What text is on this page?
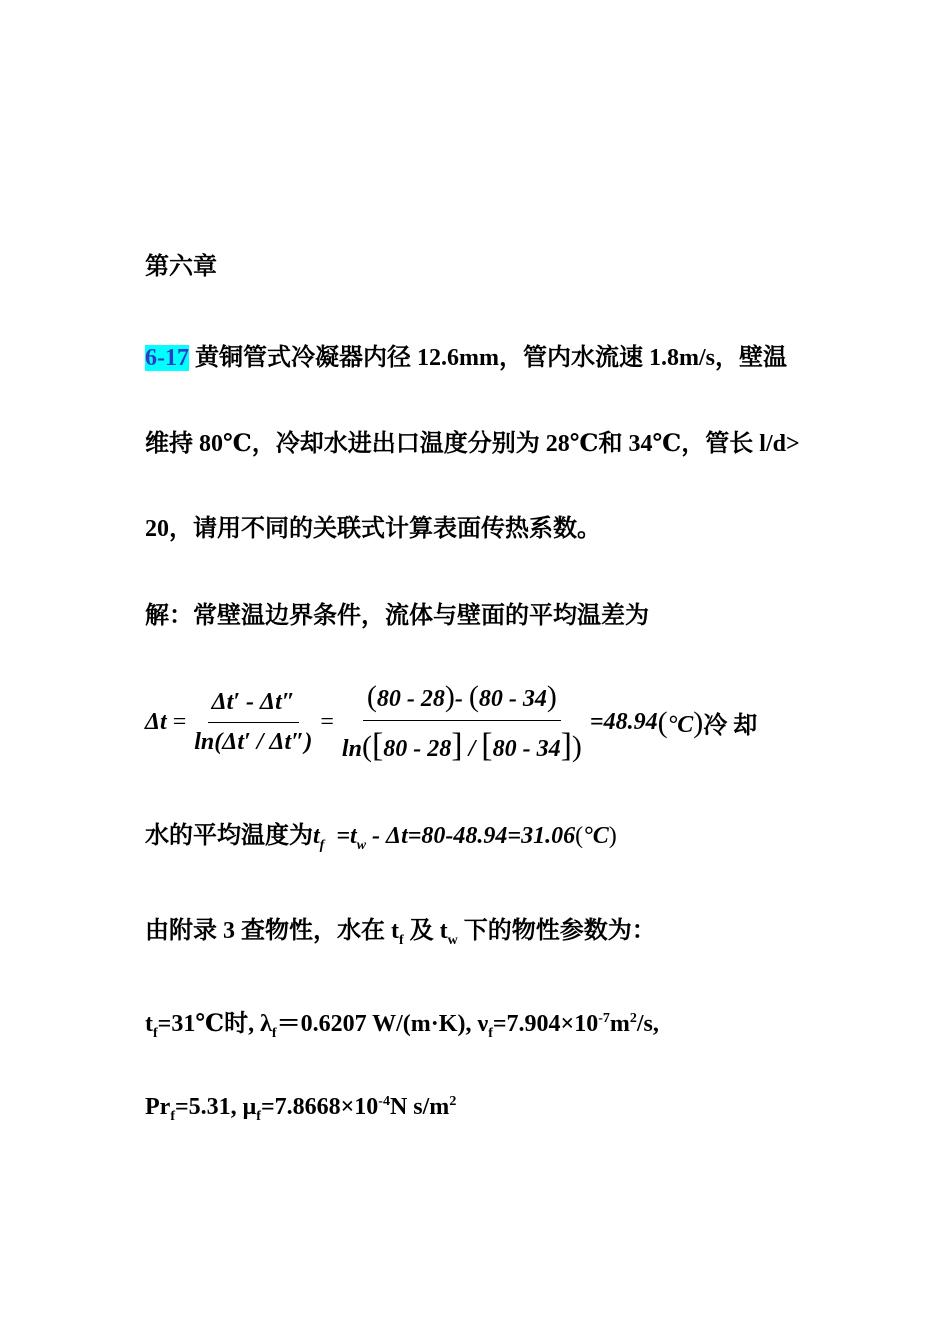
第六章
6-17 黄铜管式冷凝器内径 12.6mm，管内水流速 1.8m/s，壁温
维持 80℃，冷却水进出口温度分别为 28℃和 34℃，管长 l/d>
20，请用不同的关联式计算表面传热系数。
解：常壁温边界条件，流体与壁面的平均温差为
$\Delta t = \frac{\Delta t' - \Delta t''}{\ln(\Delta t' / \Delta t'')} = \frac{(80 - 28)- (80 - 34)}{\ln([80 - 28] / [80 - 34])} =48.94$ (°C) 冷却
水的平均温度为$t_f =t_w - \Delta t=80-48.94=31.06(^\circ C)$
由附录 3 查物性，水在 $t_f$ 及 $t_w$ 下的物性参数为：
$t_f=31℃$时, $\lambda_f=0.6207$ W/(m·K), $\nu_f=7.904\times 10^{-7}m^2/s$,
$Pr_f=5.31$, $\mu_f=7.8668\times 10^{-4}N$ $s/m^2$
